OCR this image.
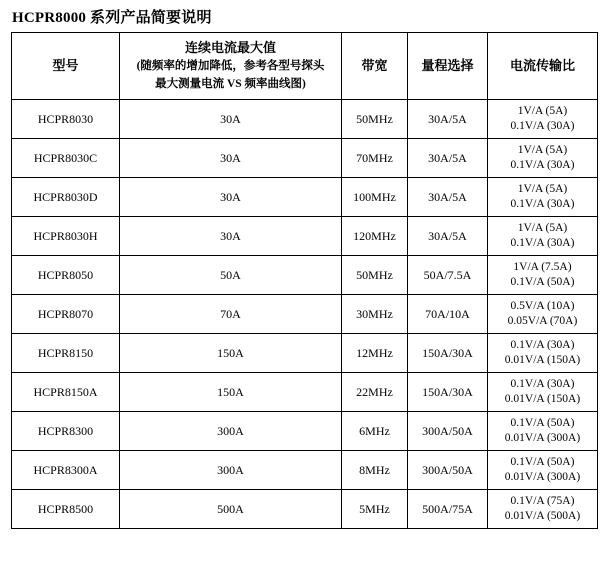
HCPR8000 系列产品简要说明
型号	连续电流最大值
(随频率的增加降低，参考各型号探头
最大测量电流 VS 频率曲线图)	带宽	量程选择	电流传输比
HCPR8030	30A	50MHz	30A/5A	1V/A (5A)
0.1V/A (30A)

HCPR8030C	30A	70MHz	30A/5A	1V/A (5A)
0.1V/A (30A)

HCPR8030D	30A	100MHz	30A/5A	1V/A (5A)
0.1V/A (30A)

HCPR8030H	30A	120MHz	30A/5A	1V/A (5A)
0.1V/A (30A)

HCPR8050	50A	50MHz	50A/7.5A	1V/A (7.5A)
0.1V/A (50A)

HCPR8070	70A	30MHz	70A/10A	0.5V/A (10A)
0.05V/A (70A)

HCPR8150	150A	12MHz	150A/30A	0.1V/A (30A)
0.01V/A (150A)

HCPR8150A	150A	22MHz	150A/30A	0.1V/A (30A)
0.01V/A (150A)

HCPR8300	300A	6MHz	300A/50A	0.1V/A (50A)
0.01V/A (300A)

HCPR8300A	300A	8MHz	300A/50A	0.1V/A (50A)
0.01V/A (300A)

HCPR8500	500A	5MHz	500A/75A	0.1V/A (75A)
0.01V/A (500A)
